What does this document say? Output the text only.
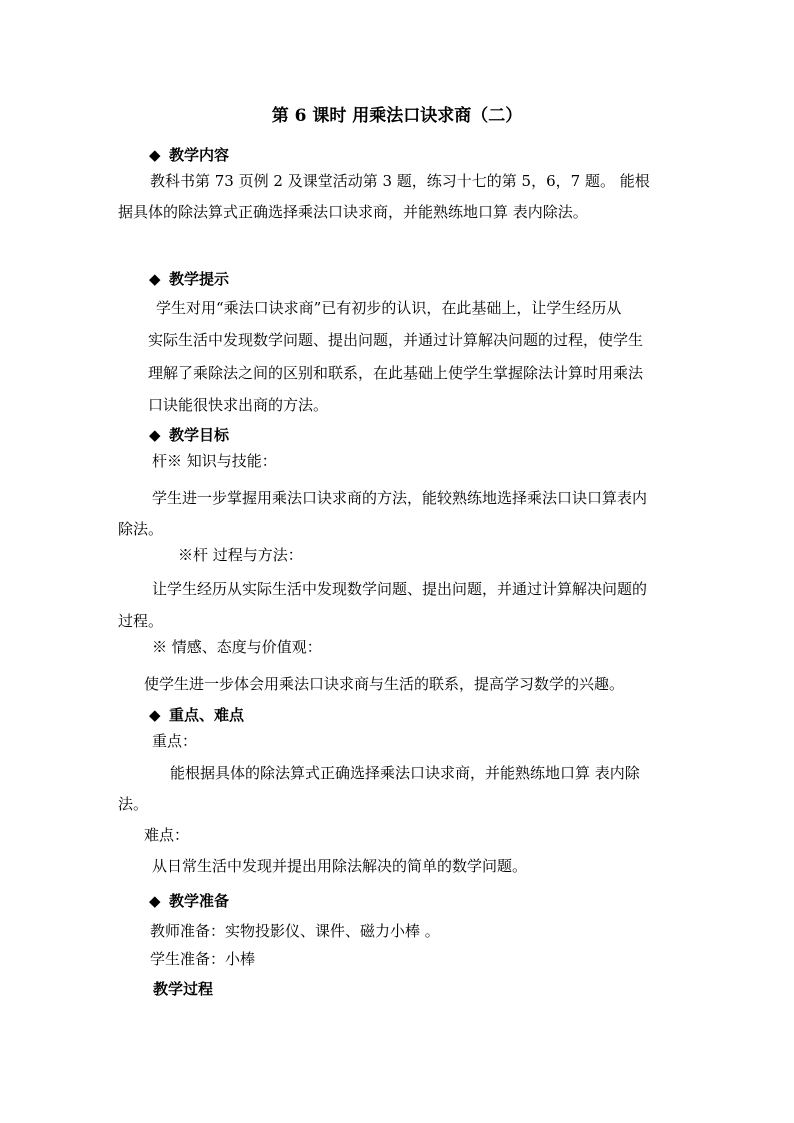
第 6 课时 用乘法口诀求商（二）
◆ 教学内容
教科书第 73 页例 2 及课堂活动第 3 题，练习十七的第 5，6，7 题。 能根
据具体的除法算式正确选择乘法口诀求商，并能熟练地口算 表内除法。
◆ 教学提示
学生对用“乘法口诀求商”已有初步的认识，在此基础上，让学生经历从
实际生活中发现数学问题、提出问题，并通过计算解决问题的过程，使学生
理解了乘除法之间的区别和联系，在此基础上使学生掌握除法计算时用乘法
口诀能很快求出商的方法。
◆ 教学目标
杆※ 知识与技能：
学生进一步掌握用乘法口诀求商的方法，能较熟练地选择乘法口诀口算表内
除法。
※杆 过程与方法：
让学生经历从实际生活中发现数学问题、提出问题，并通过计算解决问题的
过程。
※ 情感、态度与价值观：
使学生进一步体会用乘法口诀求商与生活的联系，提高学习数学的兴趣。
◆ 重点、难点
重点：
能根据具体的除法算式正确选择乘法口诀求商，并能熟练地口算 表内除
法。
难点：
从日常生活中发现并提出用除法解决的简单的数学问题。
◆ 教学准备
教师准备：实物投影仪、课件、磁力小棒 。
学生准备：小棒
教学过程
